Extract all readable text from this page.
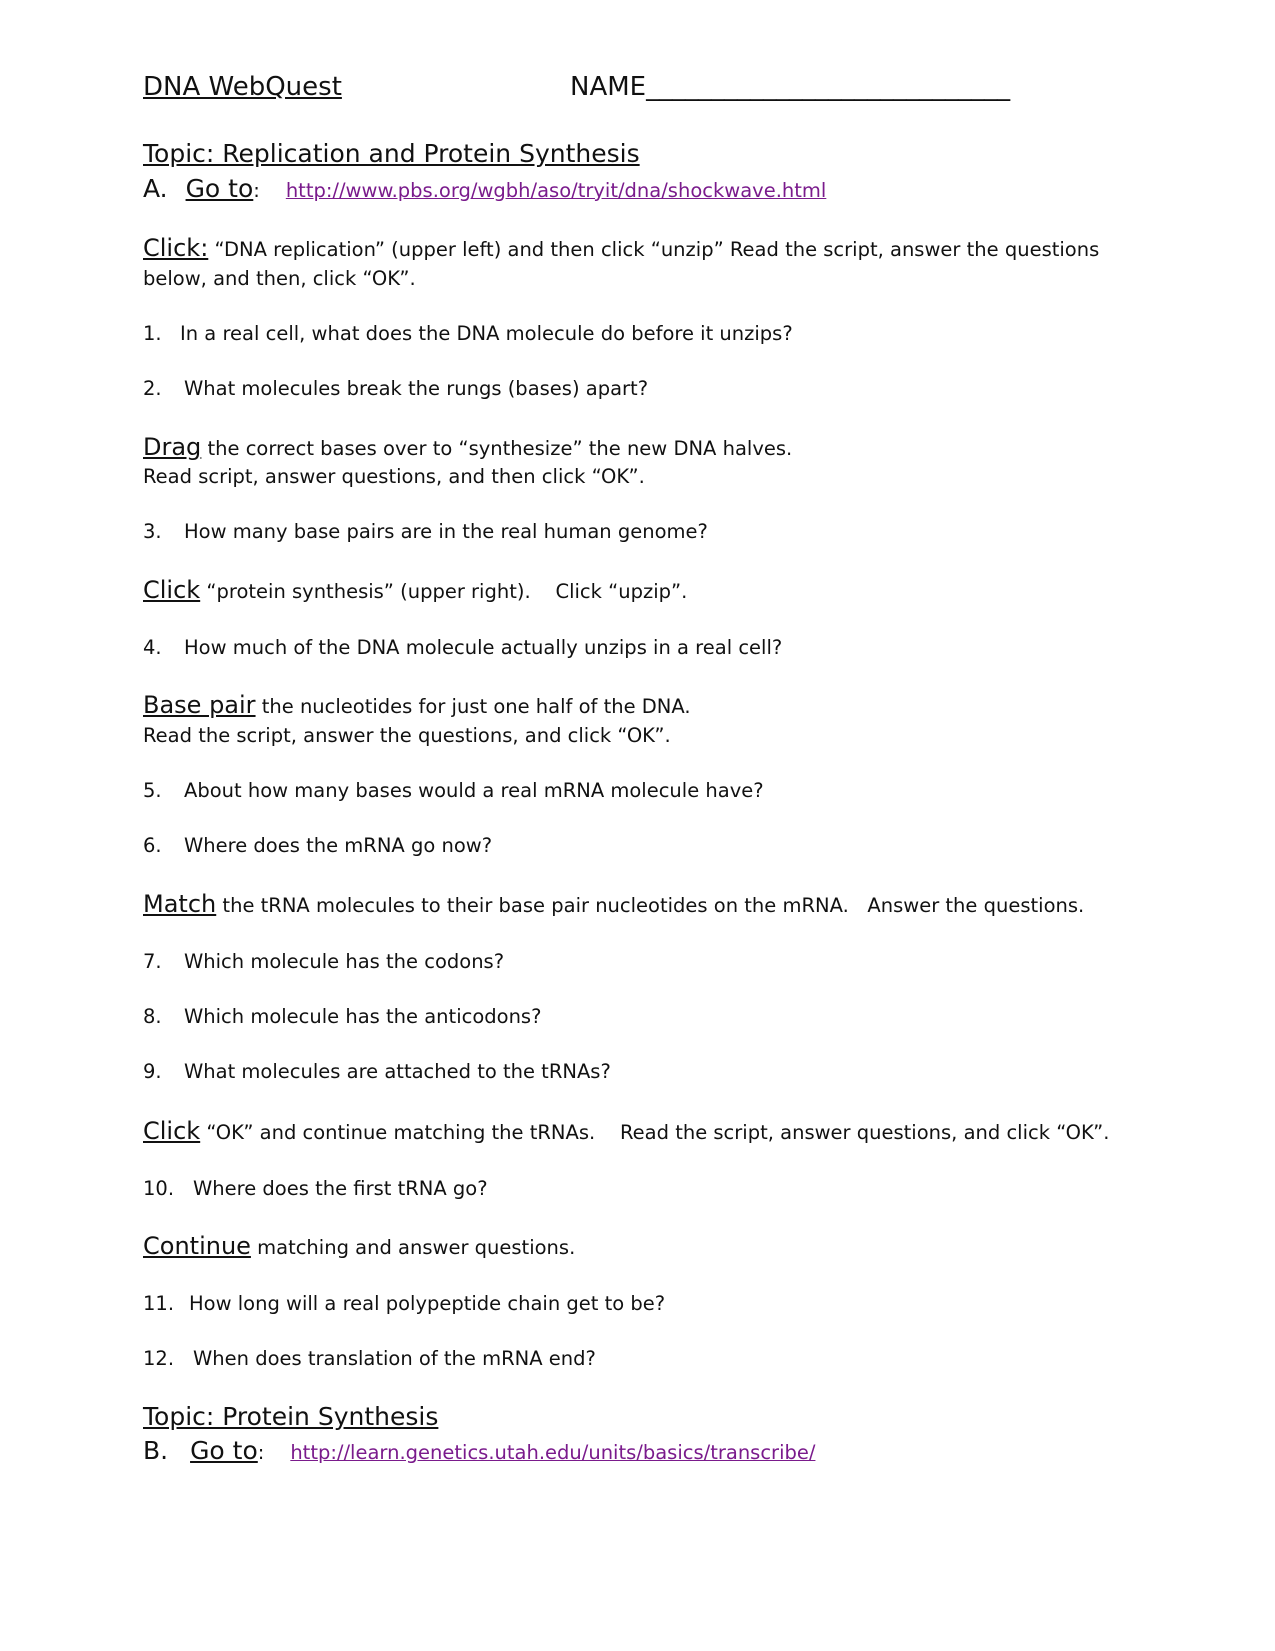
DNA WebQuest	NAME____________________________
Topic: Replication and Protein Synthesis
A. Go to: http://www.pbs.org/wgbh/aso/tryit/dna/shockwave.html
Click: “DNA replication” (upper left) and then click “unzip” Read the script, answer the questions
below, and then, click “OK”.
1. In a real cell, what does the DNA molecule do before it unzips?
2. What molecules break the rungs (bases) apart?
Drag the correct bases over to “synthesize” the new DNA halves.
Read script, answer questions, and then click “OK”.
3. How many base pairs are in the real human genome?
Click “protein synthesis” (upper right).    Click “upzip”.
4. How much of the DNA molecule actually unzips in a real cell?
Base pair the nucleotides for just one half of the DNA.
Read the script, answer the questions, and click “OK”.
5. About how many bases would a real mRNA molecule have?
6. Where does the mRNA go now?
Match the tRNA molecules to their base pair nucleotides on the mRNA.   Answer the questions.
7. Which molecule has the codons?
8. Which molecule has the anticodons?
9. What molecules are attached to the tRNAs?
Click “OK” and continue matching the tRNAs.    Read the script, answer questions, and click “OK”.
10. Where does the first tRNA go?
Continue matching and answer questions.
11. How long will a real polypeptide chain get to be?
12. When does translation of the mRNA end?
Topic: Protein Synthesis
B. Go to: http://learn.genetics.utah.edu/units/basics/transcribe/
